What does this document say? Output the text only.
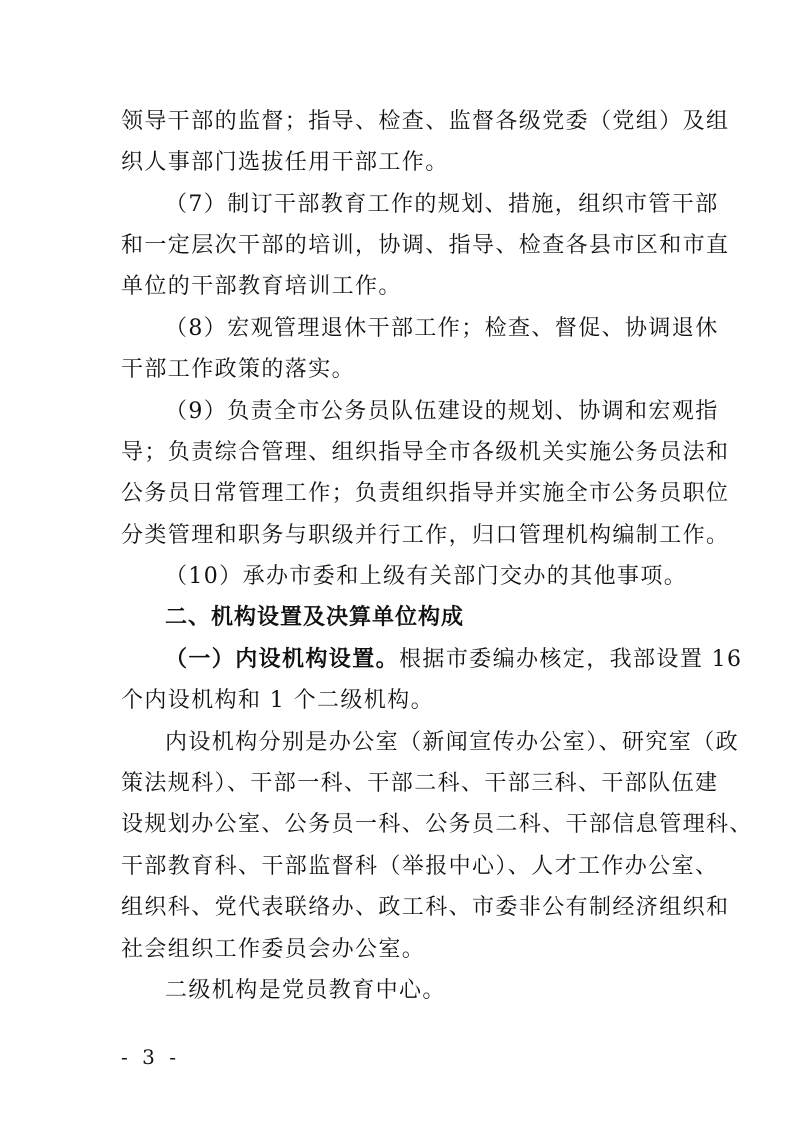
领导干部的监督；指导、检查、监督各级党委（党组）及组
织人事部门选拔任用干部工作。
（7）制订干部教育工作的规划、措施，组织市管干部
和一定层次干部的培训，协调、指导、检查各县市区和市直
单位的干部教育培训工作。
（8）宏观管理退休干部工作；检查、督促、协调退休
干部工作政策的落实。
（9）负责全市公务员队伍建设的规划、协调和宏观指
导；负责综合管理、组织指导全市各级机关实施公务员法和
公务员日常管理工作；负责组织指导并实施全市公务员职位
分类管理和职务与职级并行工作，归口管理机构编制工作。
（10）承办市委和上级有关部门交办的其他事项。
二、机构设置及决算单位构成
（一）内设机构设置。根据市委编办核定，我部设置 16
个内设机构和 1 个二级机构。
内设机构分别是办公室（新闻宣传办公室）、研究室（政
策法规科）、干部一科、干部二科、干部三科、干部队伍建
设规划办公室、公务员一科、公务员二科、干部信息管理科、
干部教育科、干部监督科（举报中心）、人才工作办公室、
组织科、党代表联络办、政工科、市委非公有制经济组织和
社会组织工作委员会办公室。
二级机构是党员教育中心。
- 3 -
